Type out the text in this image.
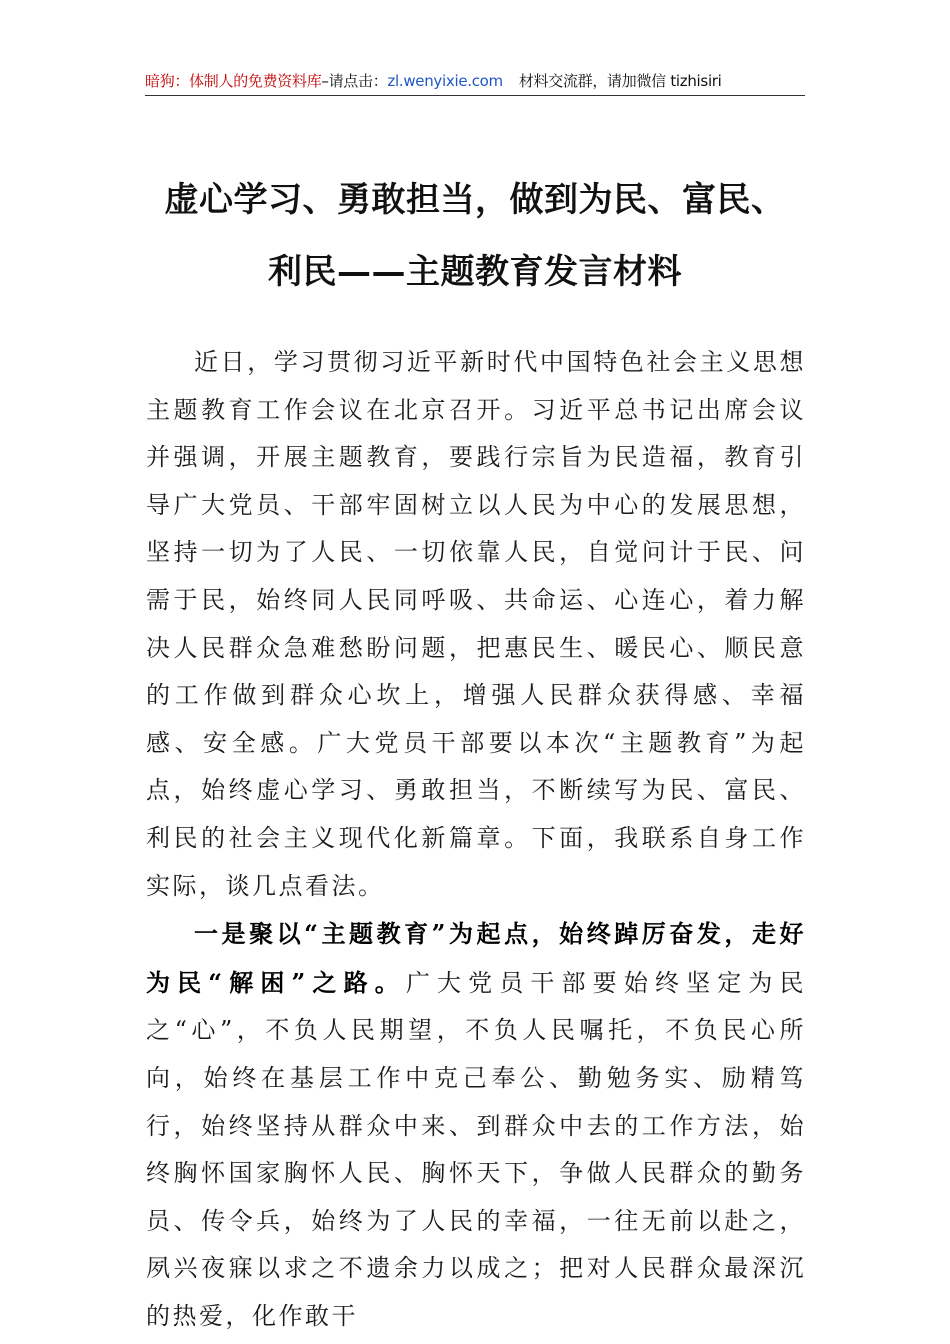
暗狗：体制人的免费资料库–请点击：zl.wenyixie.com 材料交流群，请加微信 tizhisiri
虚心学习、勇敢担当，做到为民、富民、
利民——主题教育发言材料

近日，学习贯彻习近平新时代中国特色社会主义思想主题教育工作会议在北京召开。习近平总书记出席会议并强调，开展主题教育，要践行宗旨为民造福，教育引导广大党员、干部牢固树立以人民为中心的发展思想，坚持一切为了人民、一切依靠人民，自觉问计于民、问需于民，始终同人民同呼吸、共命运、心连心，着力解决人民群众急难愁盼问题，把惠民生、暖民心、顺民意的工作做到群众心坎上，增强人民群众获得感、幸福感、安全感。广大党员干部要以本次“主题教育”为起点，始终虚心学习、勇敢担当，不断续写为民、富民、利民的社会主义现代化新篇章。下面，我联系自身工作实际，谈几点看法。

一是聚以“主题教育”为起点，始终踔厉奋发，走好为民“解困”之路。广大党员干部要始终坚定为民之“心”，不负人民期望，不负人民嘱托，不负民心所向，始终在基层工作中克己奉公、勤勉务实、励精笃行，始终坚持从群众中来、到群众中去的工作方法，始终胸怀国家胸怀人民、胸怀天下，争做人民群众的勤务员、传令兵，始终为了人民的幸福，一往无前以赴之，夙兴夜寐以求之不遗余力以成之；把对人民群众最深沉的热爱，化作敢干
